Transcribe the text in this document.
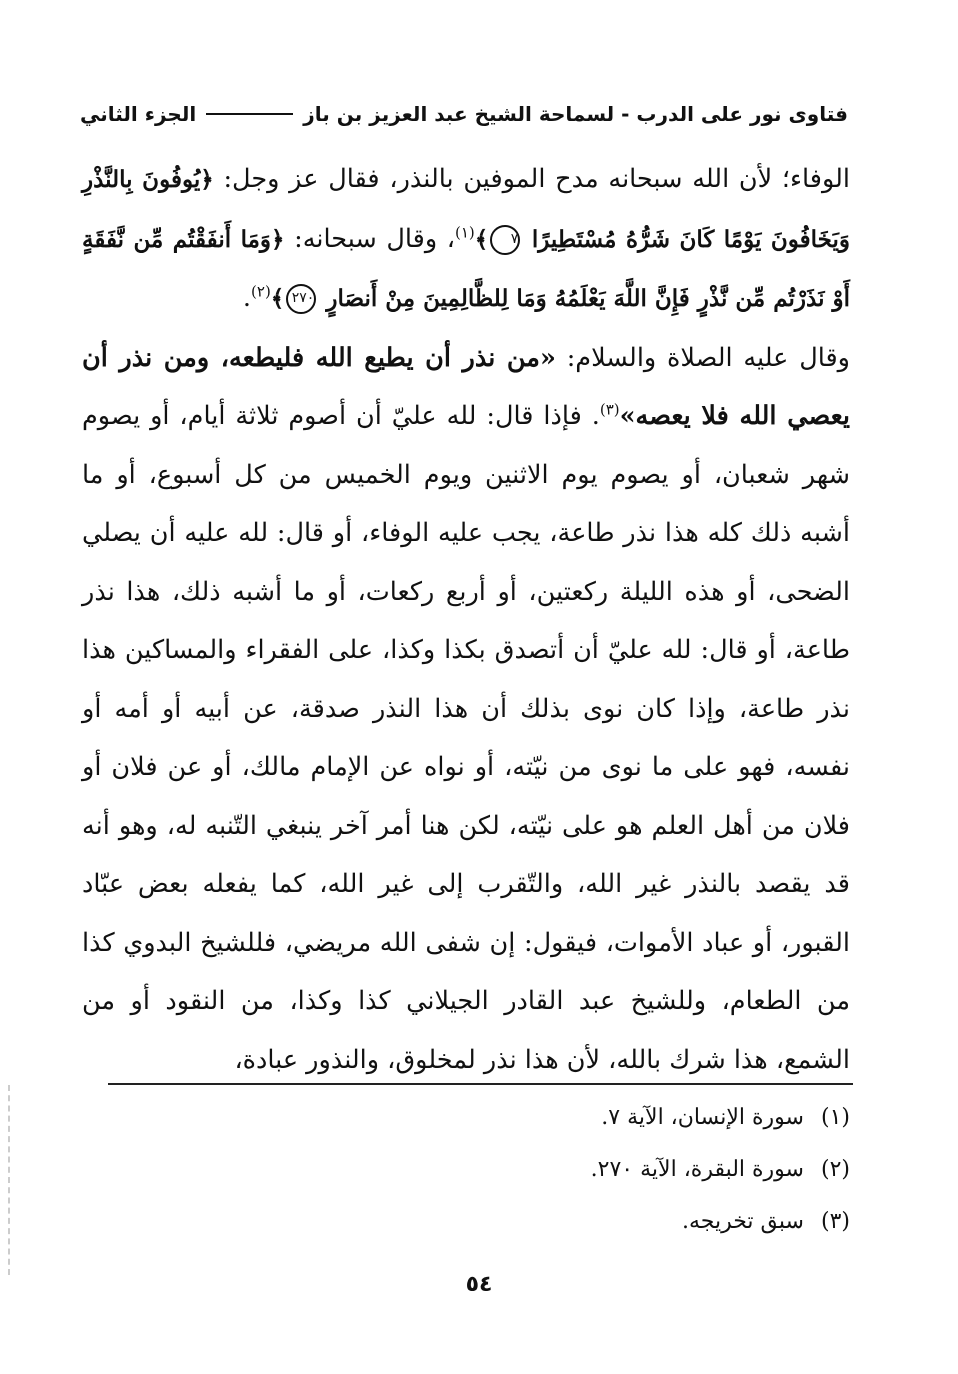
فتاوى نور على الدرب - لسماحة الشيخ عبد العزيز بن باز
الجزء الثاني

الوفاء؛ لأن الله سبحانه مدح الموفين بالنذر، فقال عز وجل: ﴿يُوفُونَ بِالنَّذْرِ وَيَخَافُونَ يَوْمًا كَانَ شَرُّهُ مُسْتَطِيرًا ٧﴾$^{(١)}$، وقال سبحانه: ﴿وَمَا أَنفَقْتُم مِّن نَّفَقَةٍ أَوْ نَذَرْتُم مِّن نَّذْرٍ فَإِنَّ اللَّهَ يَعْلَمُهُ وَمَا لِلظَّالِمِينَ مِنْ أَنصَارٍ ٢٧٠﴾$^{(٢)}$.

وقال عليه الصلاة والسلام: «من نذر أن يطيع الله فليطعه، ومن نذر أن يعصي الله فلا يعصه»$^{(٣)}$. فإذا قال: لله عليّ أن أصوم ثلاثة أيام، أو يصوم شهر شعبان، أو يصوم يوم الاثنين ويوم الخميس من كل أسبوع، أو ما أشبه ذلك كله هذا نذر طاعة، يجب عليه الوفاء، أو قال: لله عليه أن يصلي الضحى، أو هذه الليلة ركعتين، أو أربع ركعات، أو ما أشبه ذلك، هذا نذر طاعة، أو قال: لله عليّ أن أتصدق بكذا وكذا، على الفقراء والمساكين هذا نذر طاعة، وإذا كان نوى بذلك أن هذا النذر صدقة، عن أبيه أو أمه أو نفسه، فهو على ما نوى من نيّته، أو نواه عن الإمام مالك، أو عن فلان أو فلان من أهل العلم هو على نيّته، لكن هنا أمر آخر ينبغي التّنبه له، وهو أنه قد يقصد بالنذر غير الله، والتّقرب إلى غير الله، كما يفعله بعض عبّاد القبور، أو عباد الأموات، فيقول: إن شفى الله مريضي، فللشيخ البدوي كذا من الطعام، وللشيخ عبد القادر الجيلاني كذا وكذا، من النقود أو من الشمع، هذا شرك بالله، لأن هذا نذر لمخلوق، والنذور عبادة،

(١) سورة الإنسان، الآية ٧.
(٢) سورة البقرة، الآية ٢٧٠.
(٣) سبق تخريجه.
٥٤
